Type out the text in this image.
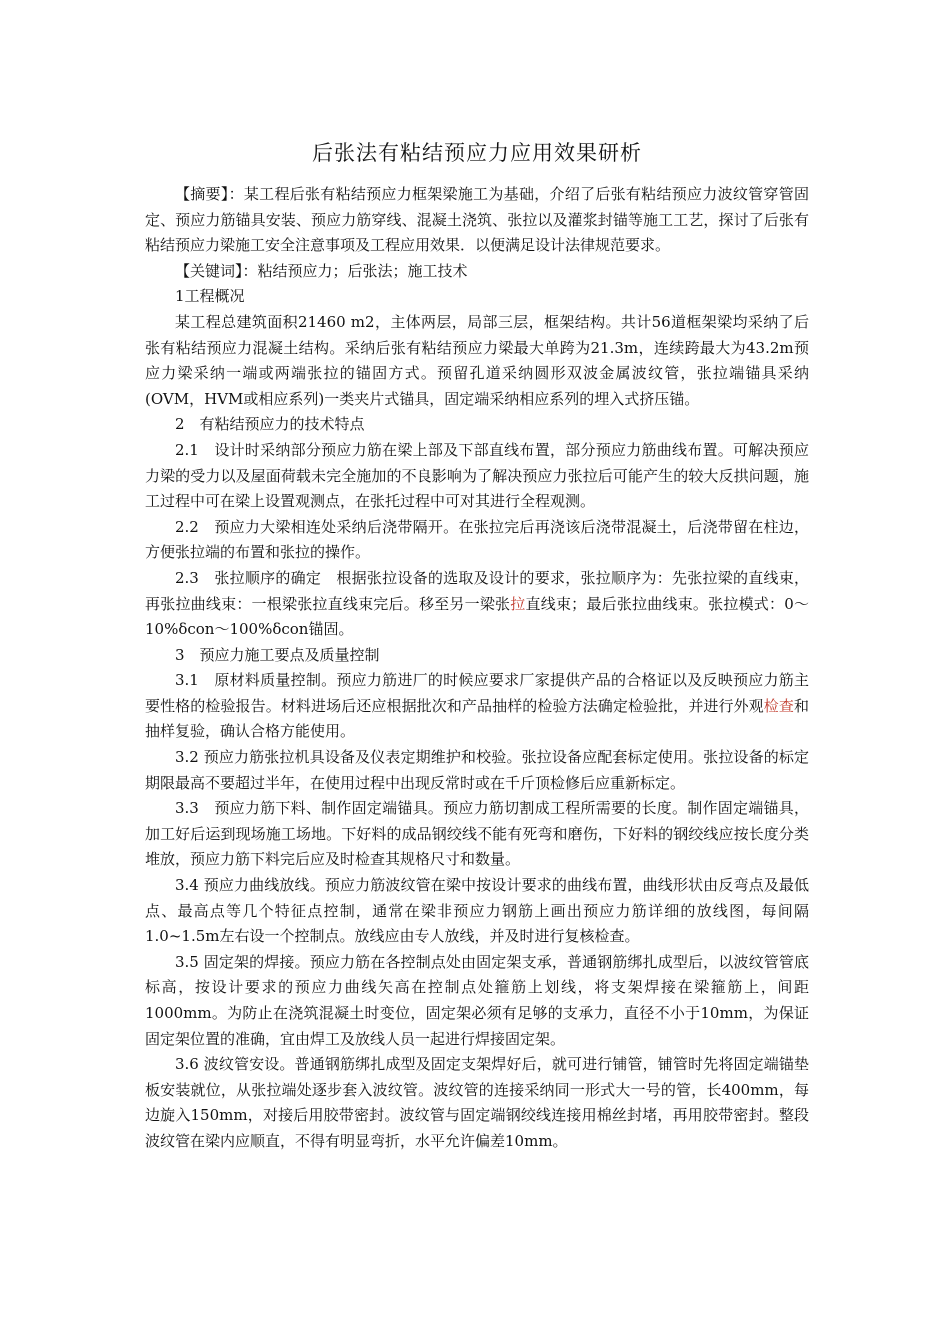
后张法有粘结预应力应用效果研析

【摘要】：某工程后张有粘结预应力框架梁施工为基础，介绍了后张有粘结预应力波纹管穿管固定、预应力筋锚具安装、预应力筋穿线、混凝土浇筑、张拉以及灌浆封锚等施工工艺，探讨了后张有粘结预应力梁施工安全注意事项及工程应用效果．以便满足设计法律规范要求。

【关键词】：粘结预应力；后张法；施工技术

1工程概况

某工程总建筑面积21460 m2，主体两层，局部三层，框架结构。共计56道框架梁均采纳了后张有粘结预应力混凝土结构。采纳后张有粘结预应力梁最大单跨为21.3m，连续跨最大为43.2m预应力梁采纳一端或两端张拉的锚固方式。预留孔道采纳圆形双波金属波纹管，张拉端锚具采纳(OVM，HVM或相应系列)一类夹片式锚具，固定端采纳相应系列的埋入式挤压锚。

2　有粘结预应力的技术特点

2.1　设计时采纳部分预应力筋在梁上部及下部直线布置，部分预应力筋曲线布置。可解决预应力梁的受力以及屋面荷载未完全施加的不良影响为了解决预应力张拉后可能产生的较大反拱问题，施工过程中可在梁上设置观测点，在张托过程中可对其进行全程观测。

2.2　预应力大梁相连处采纳后浇带隔开。在张拉完后再浇该后浇带混凝土，后浇带留在柱边，方便张拉端的布置和张拉的操作。

2.3　张拉顺序的确定　根据张拉设备的选取及设计的要求，张拉顺序为：先张拉梁的直线束，再张拉曲线束：一根梁张拉直线束完后。移至另一梁张拉直线束；最后张拉曲线束。张拉模式：0～10%δcon～100%δcon锚固。

3　预应力施工要点及质量控制

3.1　原材料质量控制。预应力筋进厂的时候应要求厂家提供产品的合格证以及反映预应力筋主要性格的检验报告。材料进场后还应根据批次和产品抽样的检验方法确定检验批，并进行外观检查和抽样复验，确认合格方能使用。

3.2 预应力筋张拉机具设备及仪表定期维护和校验。张拉设备应配套标定使用。张拉设备的标定期限最高不要超过半年，在使用过程中出现反常时或在千斤顶检修后应重新标定。

3.3　预应力筋下料、制作固定端锚具。预应力筋切割成工程所需要的长度。制作固定端锚具，加工好后运到现场施工场地。下好料的成品钢绞线不能有死弯和磨伤，下好料的钢绞线应按长度分类堆放，预应力筋下料完后应及时检查其规格尺寸和数量。

3.4 预应力曲线放线。预应力筋波纹管在梁中按设计要求的曲线布置，曲线形状由反弯点及最低点、最高点等几个特征点控制，通常在梁非预应力钢筋上画出预应力筋详细的放线图，每间隔1.0~1.5m左右设一个控制点。放线应由专人放线，并及时进行复核检查。

3.5 固定架的焊接。预应力筋在各控制点处由固定架支承，普通钢筋绑扎成型后，以波纹管管底标高，按设计要求的预应力曲线矢高在控制点处箍筋上划线，将支架焊接在梁箍筋上，间距1000mm。为防止在浇筑混凝土时变位，固定架必须有足够的支承力，直径不小于10mm，为保证固定架位置的准确，宜由焊工及放线人员一起进行焊接固定架。

3.6 波纹管安设。普通钢筋绑扎成型及固定支架焊好后，就可进行铺管，铺管时先将固定端锚垫板安装就位，从张拉端处逐步套入波纹管。波纹管的连接采纳同一形式大一号的管，长400mm，每边旋入150mm，对接后用胶带密封。波纹管与固定端钢绞线连接用棉丝封堵，再用胶带密封。整段波纹管在梁内应顺直，不得有明显弯折，水平允许偏差10mm。
